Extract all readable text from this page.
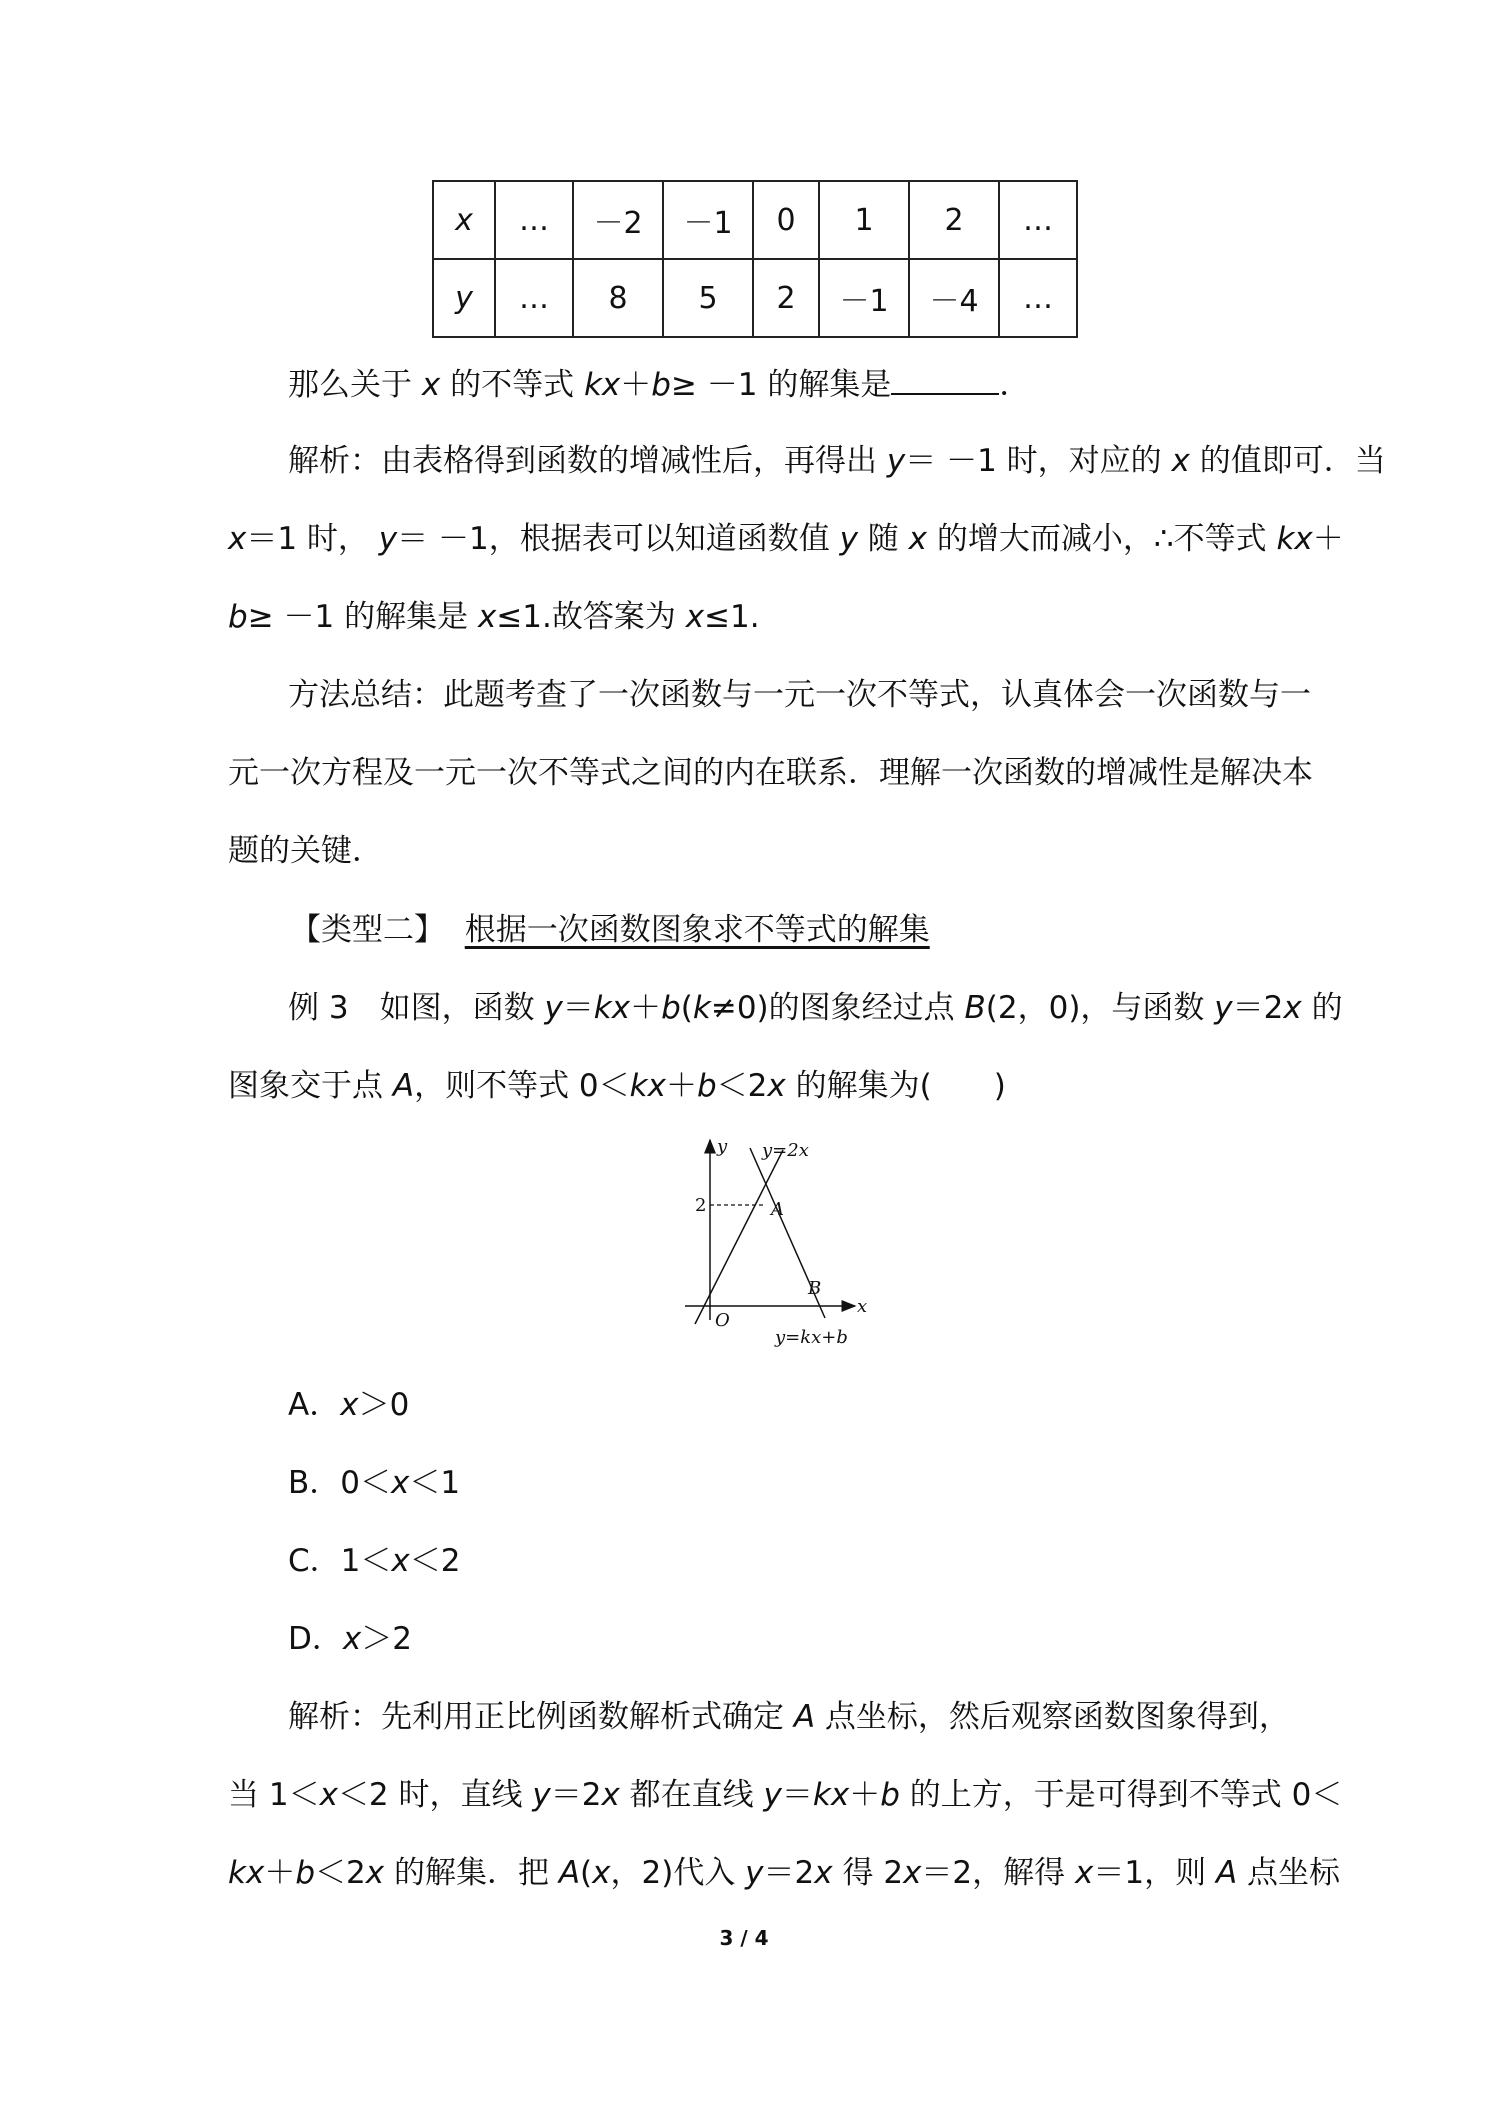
x	…	－2	－1	0	1	2	…
y	…	8	5	2	－1	－4	…
那么关于 x 的不等式 kx＋b≥ －1 的解集是	．
解析：由表格得到函数的增减性后，再得出 y＝ －1 时，对应的 x 的值即可．当
x＝1 时， y＝ －1，根据表可以知道函数值 y 随 x 的增大而减小，∴不等式 kx＋
b≥ －1 的解集是 x≤1.故答案为 x≤1.
方法总结：此题考查了一次函数与一元一次不等式，认真体会一次函数与一
元一次方程及一元一次不等式之间的内在联系．理解一次函数的增减性是解决本
题的关键．
【类型二】 根据一次函数图象求不等式的解集
例 3　如图，函数 y＝kx＋b(k≠0)的图象经过点 B(2，0)，与函数 y＝2x 的
图象交于点 A，则不等式 0＜kx＋b＜2x 的解集为(　　)
y
x
O
2	A
B
y=2x
y=kx+b
A．x＞0
B．0＜x＜1
C．1＜x＜2
D．x＞2
解析：先利用正比例函数解析式确定 A 点坐标，然后观察函数图象得到，
当 1＜x＜2 时，直线 y＝2x 都在直线 y＝kx＋b 的上方，于是可得到不等式 0＜
kx＋b＜2x 的解集．把 A(x，2)代入 y＝2x 得 2x＝2，解得 x＝1，则 A 点坐标
3 / 4
